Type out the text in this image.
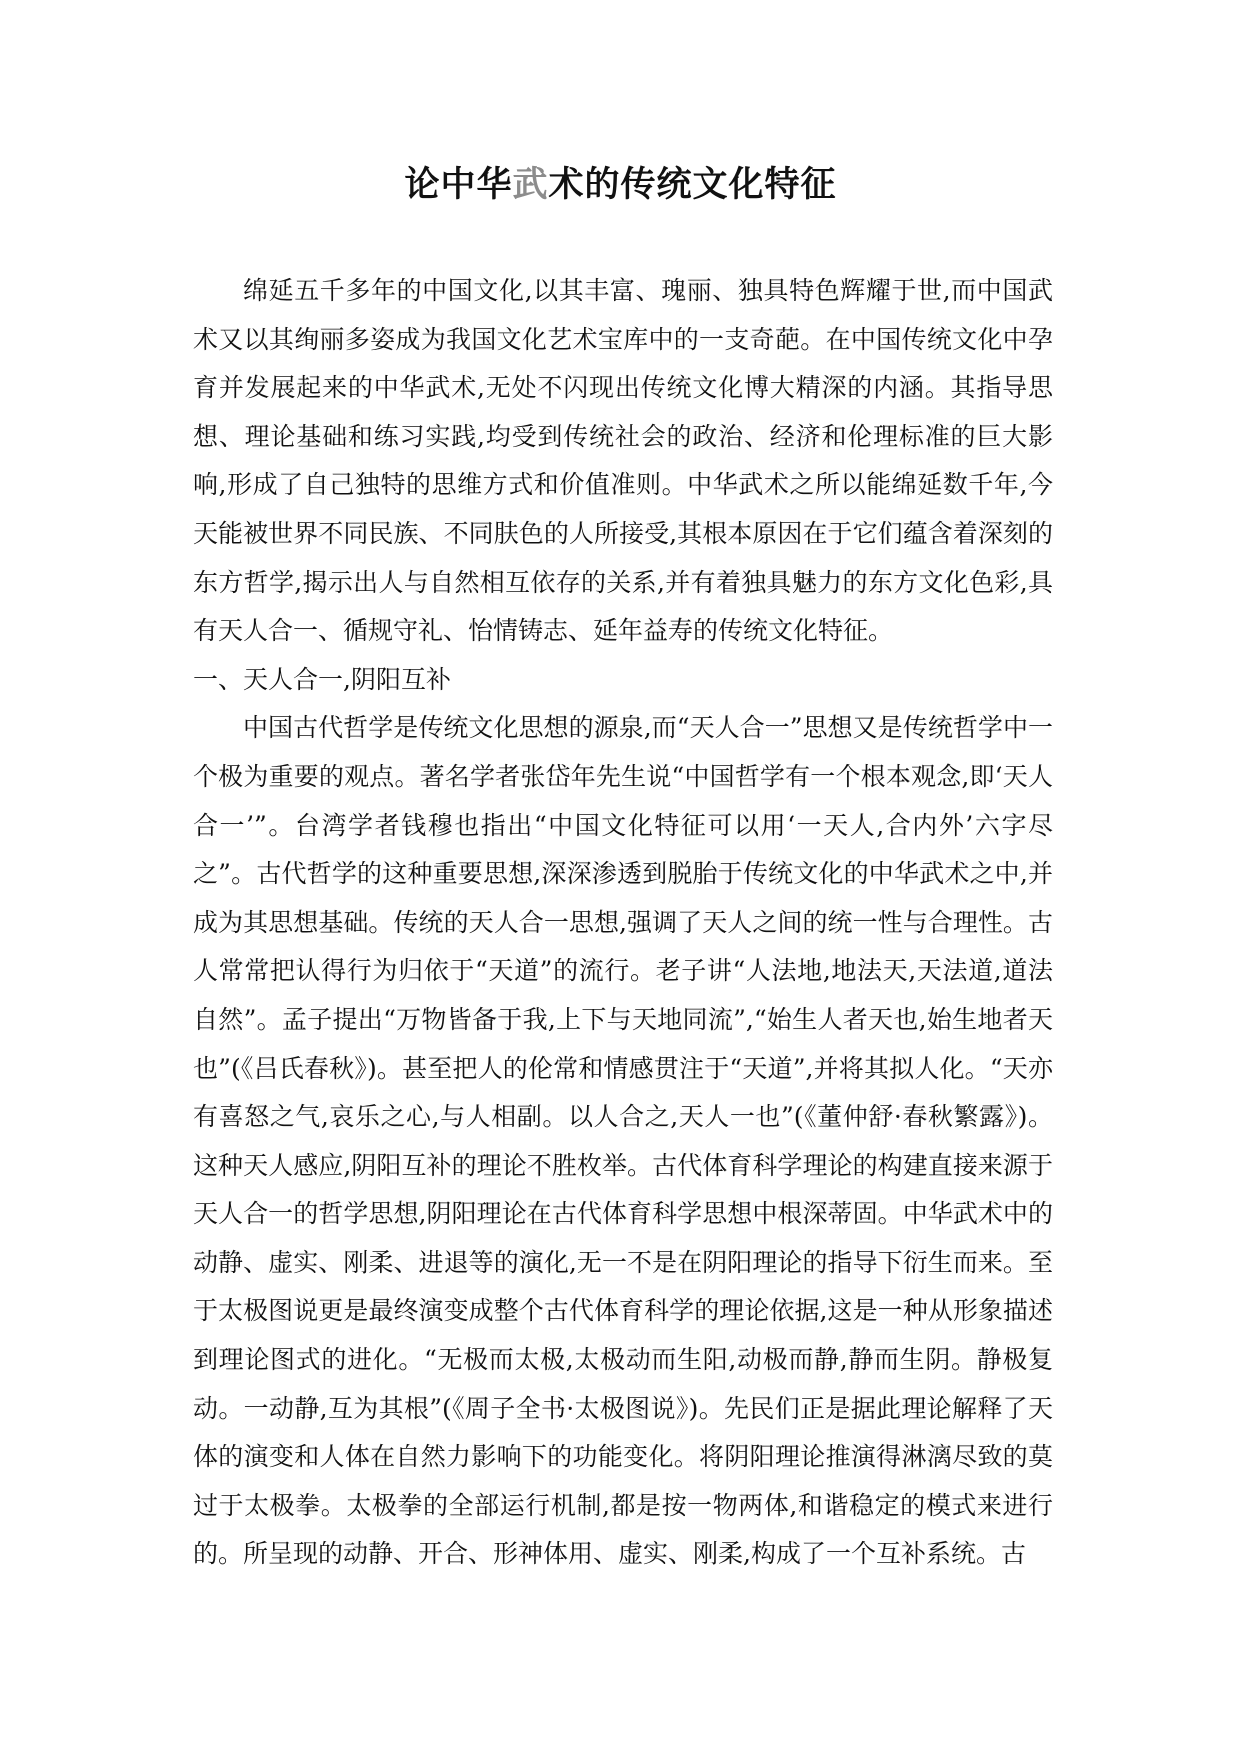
论中华武术的传统文化特征

绵延五千多年的中国文化,以其丰富、瑰丽、独具特色辉耀于世,而中国武术又以其绚丽多姿成为我国文化艺术宝库中的一支奇葩。在中国传统文化中孕育并发展起来的中华武术,无处不闪现出传统文化博大精深的内涵。其指导思想、理论基础和练习实践,均受到传统社会的政治、经济和伦理标准的巨大影响,形成了自己独特的思维方式和价值准则。中华武术之所以能绵延数千年,今天能被世界不同民族、不同肤色的人所接受,其根本原因在于它们蕴含着深刻的东方哲学,揭示出人与自然相互依存的关系,并有着独具魅力的东方文化色彩,具有天人合一、循规守礼、怡情铸志、延年益寿的传统文化特征。

一、天人合一,阴阳互补

中国古代哲学是传统文化思想的源泉,而“天人合一”思想又是传统哲学中一个极为重要的观点。著名学者张岱年先生说“中国哲学有一个根本观念,即‘天人合一’”。台湾学者钱穆也指出“中国文化特征可以用‘一天人,合内外’六字尽之”。古代哲学的这种重要思想,深深渗透到脱胎于传统文化的中华武术之中,并成为其思想基础。传统的天人合一思想,强调了天人之间的统一性与合理性。古人常常把认得行为归依于“天道”的流行。老子讲“人法地,地法天,天法道,道法自然”。孟子提出“万物皆备于我,上下与天地同流”,“始生人者天也,始生地者天也”(《吕氏春秋》)。甚至把人的伦常和情感贯注于“天道”,并将其拟人化。“天亦有喜怒之气,哀乐之心,与人相副。以人合之,天人一也”(《董仲舒·春秋繁露》)。这种天人感应,阴阳互补的理论不胜枚举。古代体育科学理论的构建直接来源于天人合一的哲学思想,阴阳理论在古代体育科学思想中根深蒂固。中华武术中的动静、虚实、刚柔、进退等的演化,无一不是在阴阳理论的指导下衍生而来。至于太极图说更是最终演变成整个古代体育科学的理论依据,这是一种从形象描述到理论图式的进化。“无极而太极,太极动而生阳,动极而静,静而生阴。静极复动。一动静,互为其根”(《周子全书·太极图说》)。先民们正是据此理论解释了天体的演变和人体在自然力影响下的功能变化。将阴阳理论推演得淋漓尽致的莫过于太极拳。太极拳的全部运行机制,都是按一物两体,和谐稳定的模式来进行的。所呈现的动静、开合、形神体用、虚实、刚柔,构成了一个互补系统。古
